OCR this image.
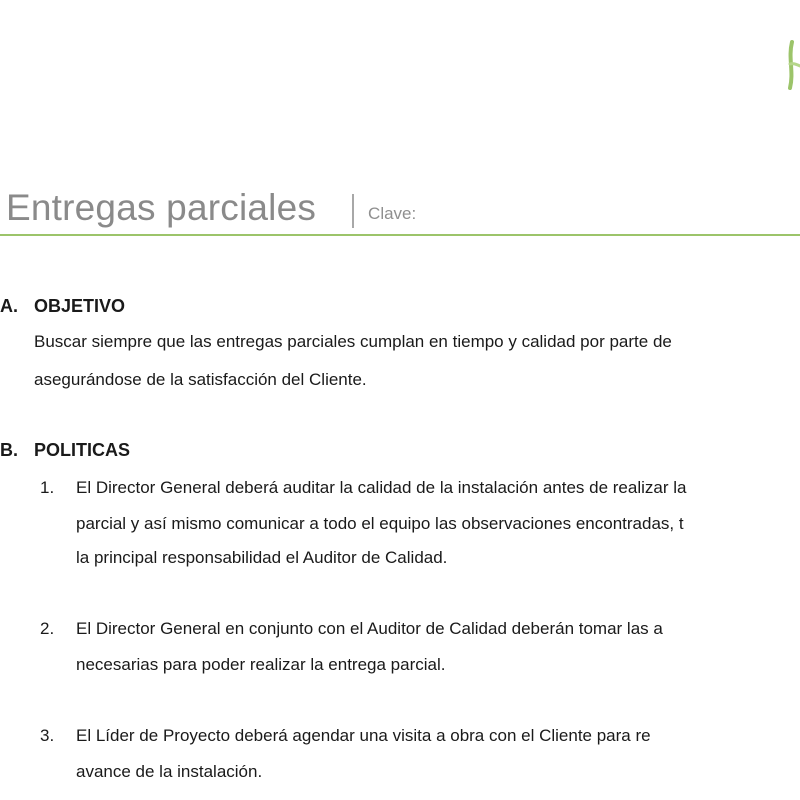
Entregas parciales	Clave:
A. OBJETIVO
Buscar siempre que las entregas parciales cumplan en tiempo y calidad por parte de
asegurándose de la satisfacción del Cliente.
B. POLITICAS
1. El Director General deberá auditar la calidad de la instalación antes de realizar la
parcial y así mismo comunicar a todo el equipo las observaciones encontradas, t
la principal responsabilidad el Auditor de Calidad.
2. El Director General en conjunto con el Auditor de Calidad deberán tomar las a
necesarias para poder realizar la entrega parcial.
3. El Líder de Proyecto deberá agendar una visita a obra con el Cliente para re
avance de la instalación.
